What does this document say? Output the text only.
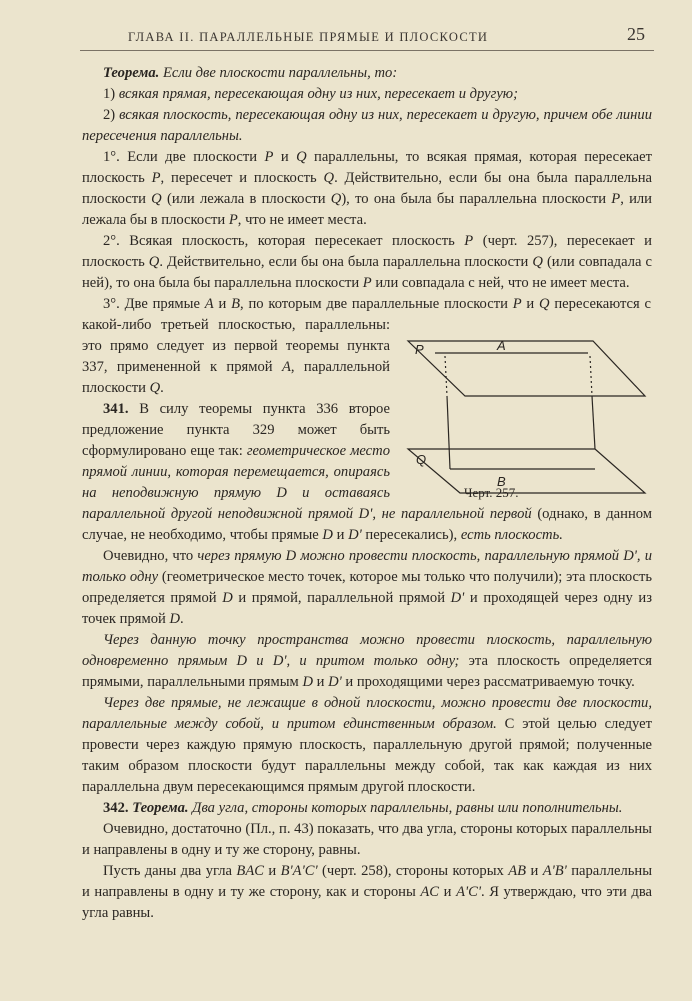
ГЛАВА II. ПАРАЛЛЕЛЬНЫЕ ПРЯМЫЕ И ПЛОСКОСТИ	25

Теорема. Если две плоскости параллельны, то:

1) всякая прямая, пересекающая одну из них, пересекает и другую;

2) всякая плоскость, пересекающая одну из них, пересекает и другую, причем обе линии пересечения параллельны.

1°. Если две плоскости P и Q параллельны, то всякая прямая, которая пересекает плоскость P, пересечет и плоскость Q. Действительно, если бы она была параллельна плоскости Q (или лежала в плоскости Q), то она была бы параллельна плоскости P, или лежала бы в плоскости P, что не имеет места.

2°. Всякая плоскость, которая пересекает плоскость P (черт. 257), пересекает и плоскость Q. Действительно, если бы она была параллельна плоскости Q (или совпадала с ней), то она была бы параллельна плоскости P или совпадала с ней, что не имеет места.

P	A
Q
B
Черт. 257.
3°. Две прямые A и B, по которым две параллельные плоскости P и Q пересекаются с какой-либо третьей плоскостью, параллельны: это прямо следует из первой теоремы пункта 337, примененной к прямой A, параллельной плоскости Q.

341. В силу теоремы пункта 336 второе предложение пункта 329 может быть сформулировано еще так: геометрическое место прямой линии, которая перемещается, опираясь на неподвижную прямую D и оставаясь параллельной другой неподвижной прямой D', не параллельной первой (однако, в данном случае, не необходимо, чтобы прямые D и D' пересекались), есть плоскость.

Очевидно, что через прямую D можно провести плоскость, параллельную прямой D', и только одну (геометрическое место точек, которое мы только что получили); эта плоскость определяется прямой D и прямой, параллельной прямой D' и проходящей через одну из точек прямой D.

Через данную точку пространства можно провести плоскость, параллельную одновременно прямым D и D', и притом только одну; эта плоскость определяется прямыми, параллельными прямым D и D' и проходящими через рассматриваемую точку.

Через две прямые, не лежащие в одной плоскости, можно провести две плоскости, параллельные между собой, и притом единственным образом. С этой целью следует провести через каждую прямую плоскость, параллельную другой прямой; полученные таким образом плоскости будут параллельны между собой, так как каждая из них параллельна двум пересекающимся прямым другой плоскости.

342. Теорема. Два угла, стороны которых параллельны, равны или пополнительны.

Очевидно, достаточно (Пл., п. 43) показать, что два угла, стороны которых параллельны и направлены в одну и ту же сторону, равны.

Пусть даны два угла BAC и B'A'C' (черт. 258), стороны которых AB и A'B' параллельны и направлены в одну и ту же сторону, как и стороны AC и A'C'. Я утверждаю, что эти два угла равны.
